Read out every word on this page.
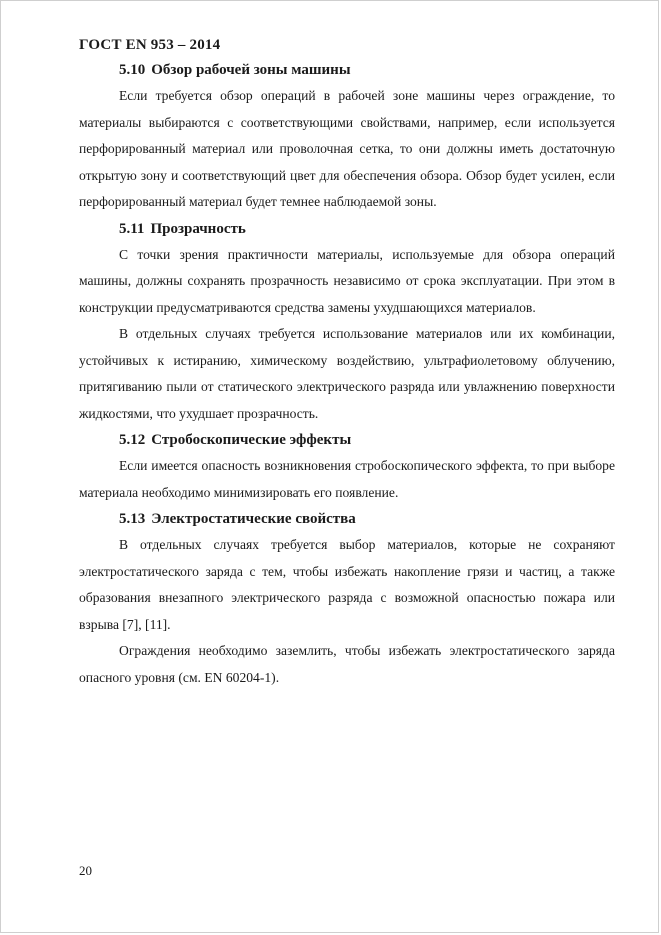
ГОСТ EN 953 – 2014
5.10 Обзор рабочей зоны машины

Если требуется обзор операций в рабочей зоне машины через ограждение, то материалы выбираются с соответствующими свойствами, например, если используется перфорированный материал или проволочная сетка, то они должны иметь достаточную открытую зону и соответствующий цвет для обеспечения обзора. Обзор будет усилен, если перфорированный материал будет темнее наблюдаемой зоны.

5.11 Прозрачность

С точки зрения практичности материалы, используемые для обзора операций машины, должны сохранять прозрачность независимо от срока эксплуатации. При этом в конструкции предусматриваются средства замены ухудшающихся материалов.

В отдельных случаях требуется использование материалов или их комбинации, устойчивых к истиранию, химическому воздействию, ультрафиолетовому облучению, притягиванию пыли от статического электрического разряда или увлажнению поверхности жидкостями, что ухудшает прозрачность.

5.12 Стробоскопические эффекты

Если имеется опасность возникновения стробоскопического эффекта, то при выборе материала необходимо минимизировать его появление.

5.13 Электростатические свойства

В отдельных случаях требуется выбор материалов, которые не сохраняют электростатического заряда с тем, чтобы избежать накопление грязи и частиц, а также образования внезапного электрического разряда с возможной опасностью пожара или взрыва [7], [11].

Ограждения необходимо заземлить, чтобы избежать электростатического заряда опасного уровня (см. EN 60204-1).

20
